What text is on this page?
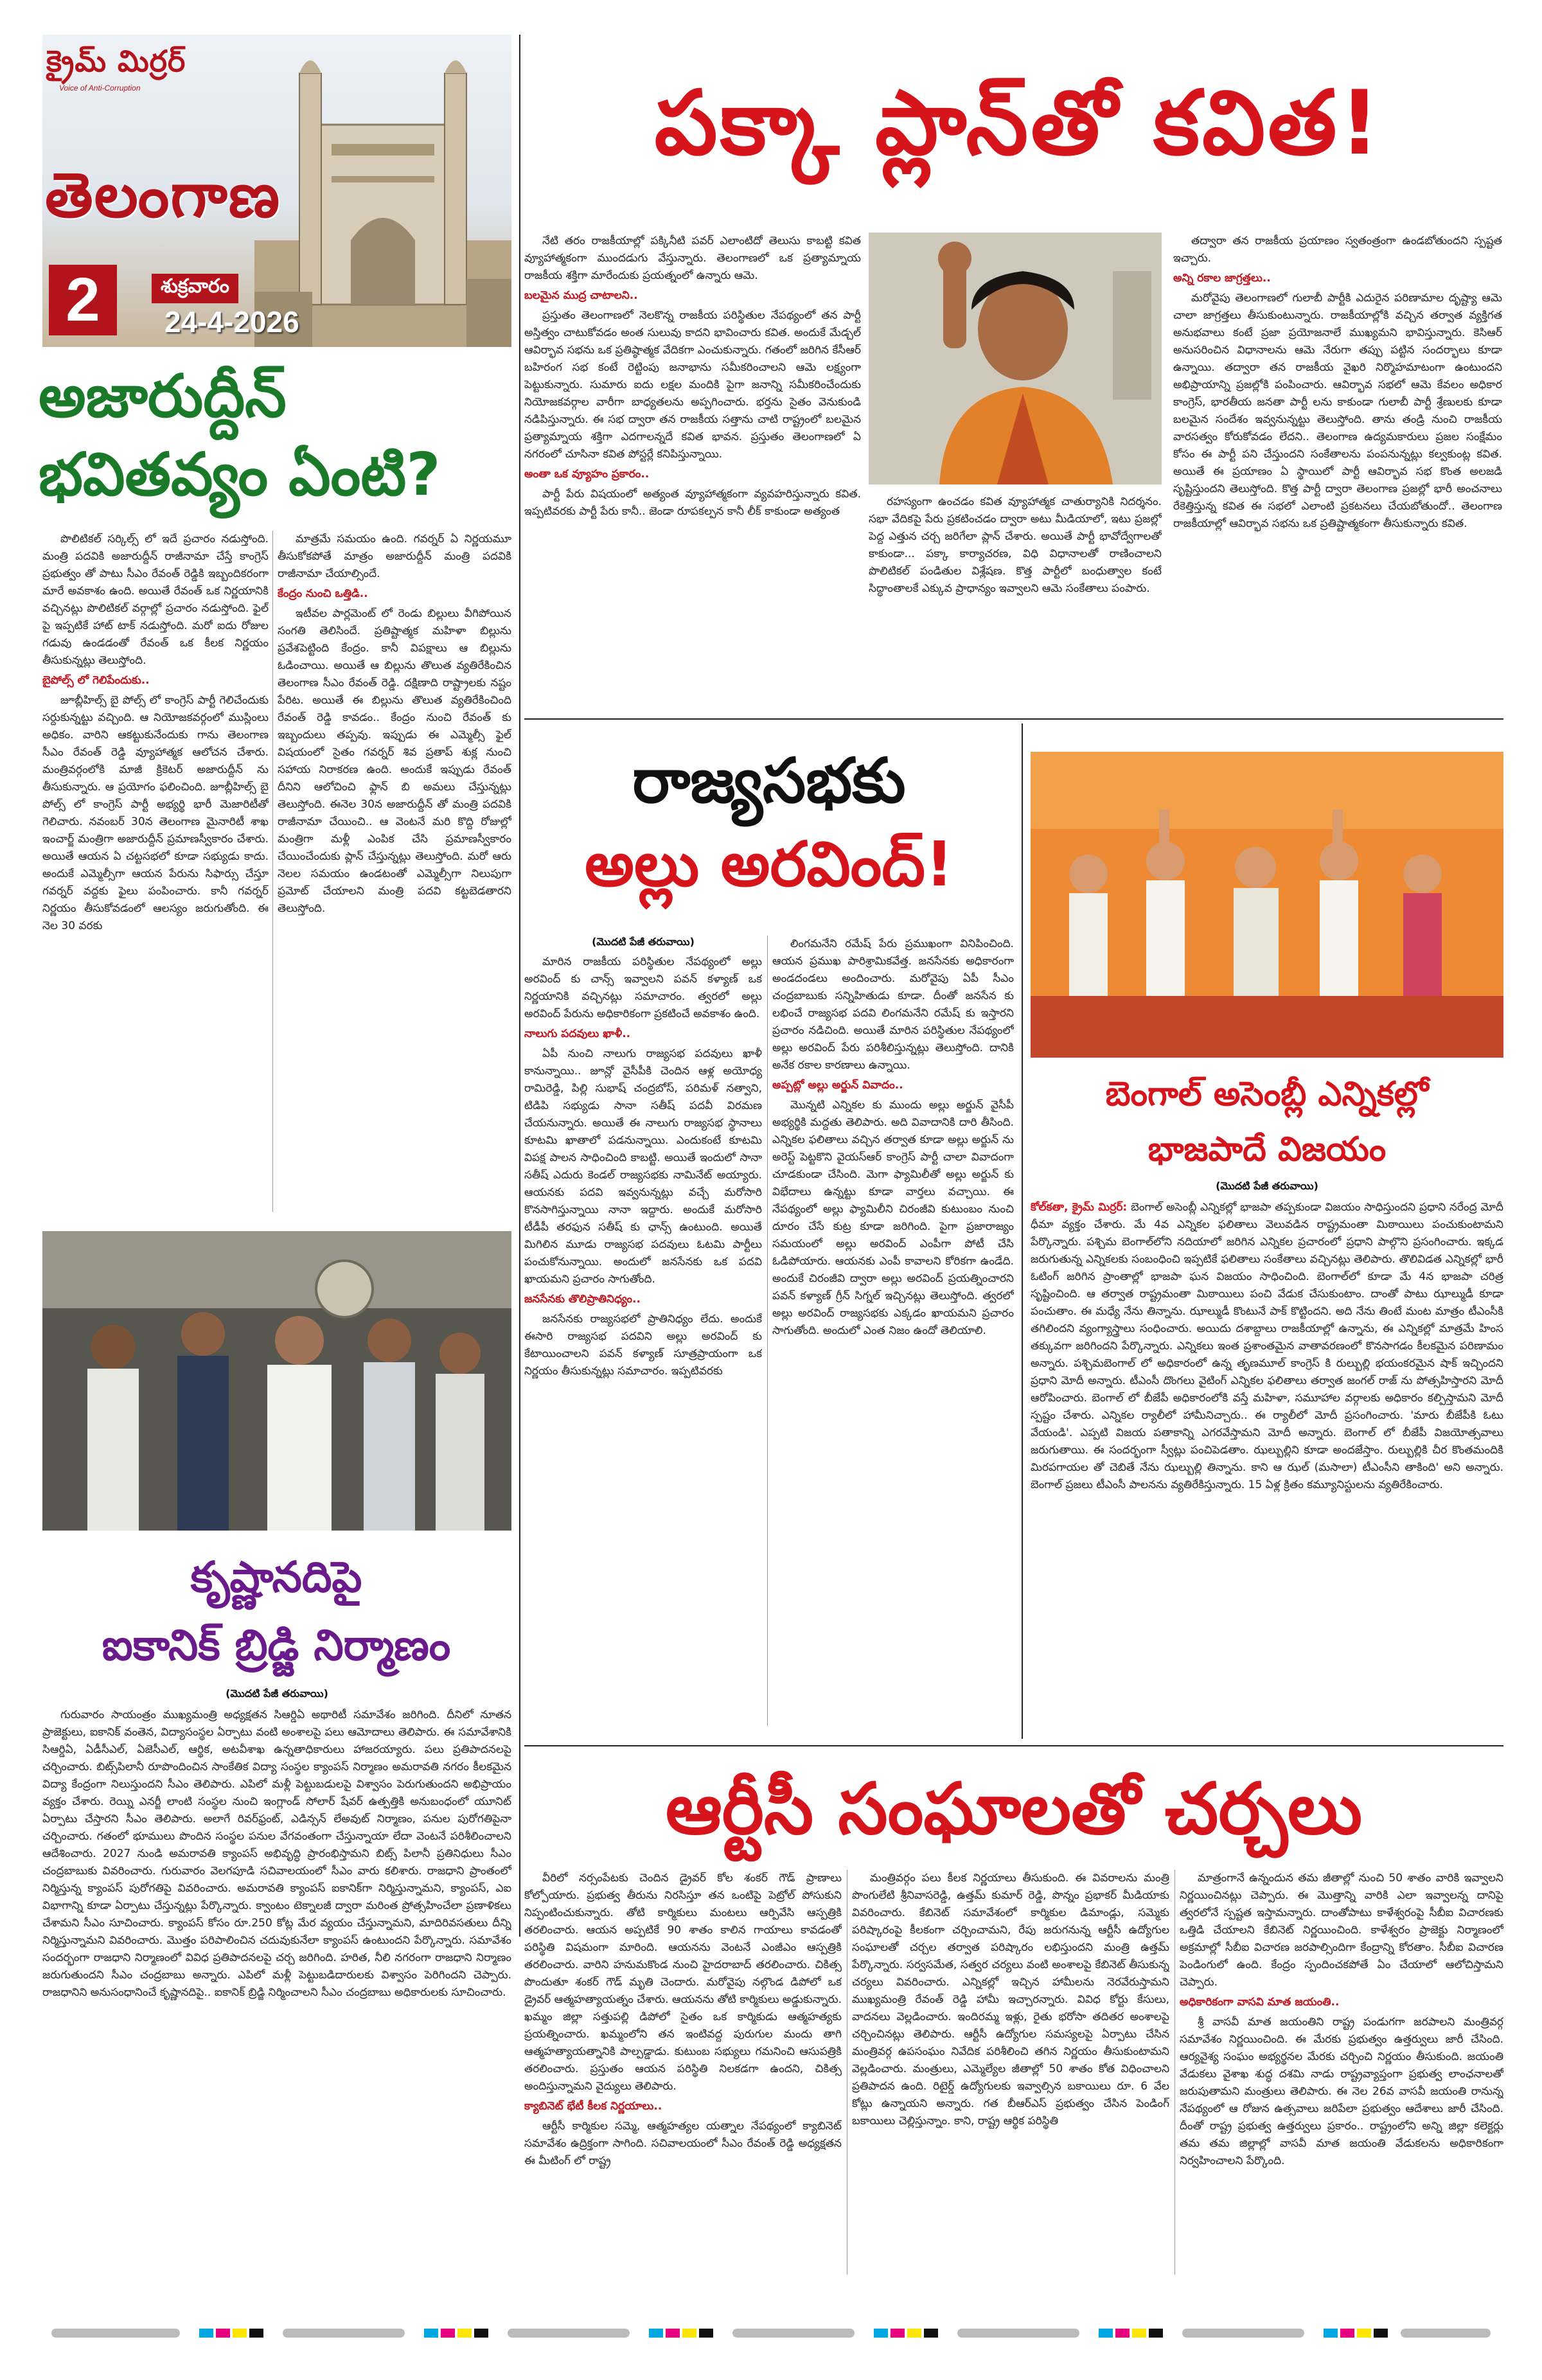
క్రైమ్ మిర్రర్
Voice of Anti-Corruption
తెలంగాణ
2	శుక్రవారం
24-4-2026
పక్కా ప్లాన్‌తో కవిత!

నేటి తరం రాజకీయాల్లో పక్కినీటి పవర్ ఎలాంటిదో తెలుసు కాబట్టి కవిత వ్యూహాత్మకంగా ముందడుగు వేస్తున్నారు. తెలంగాణలో ఒక ప్రత్యామ్నాయ రాజకీయ శక్తిగా మారేందుకు ప్రయత్నంలో ఉన్నారు ఆమె.

బలమైన ముద్ర చాటాలని..

ప్రస్తుతం తెలంగాణలో నెలకొన్న రాజకీయ పరిస్థితుల నేపథ్యంలో తన పార్టీ అస్తిత్వం చాటుకోవడం అంత సులువు కాదని భావించారు కవిత. అందుకే మేడ్చల్ ఆవిర్భావ సభను ఒక ప్రతిష్ఠాత్మక వేదికగా ఎంచుకున్నారు. గతంలో జరిగిన కేసీఆర్ బహిరంగ సభ కంటే రెట్టింపు జనాభాను సమీకరించాలని ఆమె లక్ష్యంగా పెట్టుకున్నారు. సుమారు ఐదు లక్షల మందికి పైగా జనాన్ని సమీకరించేందుకు నియోజకవర్గాల వారీగా బాధ్యతలను అప్పగించారు. భర్తను సైతం వెనుకుండి నడిపిస్తున్నారు. ఈ సభ ద్వారా తన రాజకీయ సత్తాను చాటి రాష్ట్రంలో బలమైన ప్రత్యామ్నాయ శక్తిగా ఎదగాలన్నదే కవిత భావన. ప్రస్తుతం తెలంగాణలో ఏ నగరంలో చూసినా కవిత పోస్టర్లే కనిపిస్తున్నాయి.

అంతా ఒక వ్యూహం ప్రకారం..

పార్టీ పేరు విషయంలో అత్యంత వ్యూహాత్మకంగా వ్యవహరిస్తున్నారు కవిత. ఇప్పటివరకు పార్టీ పేరు కానీ.. జెండా రూపకల్పన కానీ లీక్ కాకుండా అత్యంత

రహస్యంగా ఉంచడం కవిత వ్యూహాత్మక చాతుర్యానికి నిదర్శనం. సభా వేదికపై పేరు ప్రకటించడం ద్వారా అటు మీడియాలో, ఇటు ప్రజల్లో పెద్ద ఎత్తున చర్చ జరిగేలా ప్లాన్ చేశారు. అయితే పార్టీ భావోద్వేగాలతో కాకుండా... పక్కా కార్యాచరణ, విధి విధానాలతో రాణించాలని పొలిటికల్ పండితుల విశ్లేషణ. కొత్త పార్టీలో బంధుత్వాల కంటే సిద్ధాంతాలకే ఎక్కువ ప్రాధాన్యం ఇవ్వాలని ఆమె సంకేతాలు పంపారు.

తద్వారా తన రాజకీయ ప్రయాణం స్వతంత్రంగా ఉండబోతుందని స్పష్టత ఇచ్చారు.

అన్ని రకాల జాగ్రత్తలు..

మరోవైపు తెలంగాణలో గులాబీ పార్టీకి ఎదురైన పరిణామాల దృష్ట్యా ఆమె చాలా జాగ్రత్తలు తీసుకుంటున్నారు. రాజకీయాల్లోకి వచ్చిన తర్వాత వ్యక్తిగత అనుభవాలు కంటే ప్రజా ప్రయోజనాలే ముఖ్యమని భావిస్తున్నారు. కెసిఆర్ అనుసరించిన విధానాలను ఆమె నేరుగా తప్పు పట్టిన సందర్భాలు కూడా ఉన్నాయి. తద్వారా తన రాజకీయ వైఖరి నిర్మొహమాటంగా ఉంటుందని అభిప్రాయాన్ని ప్రజల్లోకి పంపించారు. ఆవిర్భావ సభలో ఆమె కేవలం అధికార కాంగ్రెస్, భారతీయ జనతా పార్టీ లను కాకుండా గులాబీ పార్టీ శ్రేణులకు కూడా బలమైన సందేశం ఇవ్వనున్నట్టు తెలుస్తోంది. తాను తండ్రి నుంచి రాజకీయ వారసత్వం కోరుకోవడం లేదని.. తెలంగాణ ఉద్యమకారులు ప్రజల సంక్షేమం కోసం ఈ పార్టీ పని చేస్తుందని సంకేతాలను పంపనున్నట్లు కల్వకుంట్ల కవిత. అయితే ఈ ప్రయాణం ఏ స్థాయిలో పార్టీ ఆవిర్భావ సభ కొంత అలజడి సృష్టిస్తుందని తెలుస్తోంది. కొత్త పార్టీ ద్వారా తెలంగాణ ప్రజల్లో భారీ అంచనాలు రేకెత్తిస్తున్న కవిత ఈ సభలో ఎలాంటి ప్రకటనలు చేయబోతుందో.. తెలంగాణ రాజకీయాల్లో ఆవిర్భావ సభను ఒక ప్రతిష్టాత్మకంగా తీసుకున్నారు కవిత.

అజారుద్దీన్
భవితవ్యం ఏంటి?

పొలిటికల్ సర్కిల్స్ లో ఇదే ప్రచారం నడుస్తోంది. మంత్రి పదవికి అజారుద్దీన్ రాజీనామా చేస్తే కాంగ్రెస్ ప్రభుత్వం తో పాటు సీఎం రేవంత్ రెడ్డికి ఇబ్బందికరంగా మారే అవకాశం ఉంది. అయితే రేవంత్ ఒక నిర్ణయానికి వచ్చినట్లు పొలిటికల్ వర్గాల్లో ప్రచారం నడుస్తోంది. ఫైల్ పై ఇప్పటికే హాట్ టాక్ నడుస్తోంది. మరో ఐదు రోజుల గడువు ఉండడంతో రేవంత్ ఒక కీలక నిర్ణయం తీసుకున్నట్లు తెలుస్తోంది.

బైపోల్స్ లో గెలిపేందుకు..

జూబ్లీహిల్స్ బై పోల్స్ లో కాంగ్రెస్ పార్టీ గెలిచేందుకు సర్దుకున్నట్టు వచ్చింది. ఆ నియోజకవర్గంలో ముస్లింలు అధికం. వారిని ఆకట్టుకునేందుకు గాను తెలంగాణ సీఎం రేవంత్ రెడ్డి వ్యూహాత్మక ఆలోచన చేశారు. మంత్రివర్గంలోకి మాజీ క్రికెటర్ అజారుద్దీన్ ను తీసుకున్నారు. ఆ ప్రయోగం ఫలించింది. జూబ్లీహిల్స్ బై పోల్స్ లో కాంగ్రెస్ పార్టీ అభ్యర్థి భారీ మెజారిటీతో గెలిచారు. నవంబర్ 30న తెలంగాణ మైనారిటీ శాఖ ఇంచార్జ్ మంత్రిగా అజారుద్దీన్ ప్రమాణస్వీకారం చేశారు. అయితే ఆయన ఏ చట్టసభలో కూడా సభ్యుడు కాదు. అందుకే ఎమ్మెల్సీగా ఆయన పేరును సిఫార్సు చేస్తూ గవర్నర్ వద్దకు ఫైలు పంపించారు. కానీ గవర్నర్ నిర్ణయం తీసుకోవడంలో ఆలస్యం జరుగుతోంది. ఈ నెల 30 వరకు

మాత్రమే సమయం ఉంది. గవర్నర్ ఏ నిర్ణయమూ తీసుకోకపోతే మాత్రం అజారుద్దీన్ మంత్రి పదవికి రాజీనామా చేయాల్సిందే.

కేంద్రం నుంచి ఒత్తిడి..

ఇటీవల పార్లమెంట్ లో రెండు బిల్లులు వీగిపోయిన సంగతి తెలిసిందే. ప్రతిష్టాత్మక మహిళా బిల్లును ప్రవేశపెట్టింది కేంద్రం. కానీ విపక్షాలు ఆ బిల్లును ఓడించాయి. అయితే ఆ బిల్లును తొలుత వ్యతిరేకించిన తెలంగాణ సీఎం రేవంత్ రెడ్డి. దక్షిణాది రాష్ట్రాలకు నష్టం పేరిట. అయితే ఈ బిల్లును తొలుత వ్యతిరేకించింది రేవంత్ రెడ్డి కావడం.. కేంద్రం నుంచి రేవంత్ కు ఇబ్బందులు తప్పవు. ఇప్పుడు ఈ ఎమ్మెల్సీ ఫైల్ విషయంలో సైతం గవర్నర్ శివ ప్రతాప్ శుక్ల నుంచి సహాయ నిరాకరణ ఉంది. అందుకే ఇప్పుడు రేవంత్ దీనిని ఆలోచించి ఫ్లాన్ బి అమలు చేస్తున్నట్లు తెలుస్తోంది. ఈనెల 30న అజారుద్దీన్ తో మంత్రి పదవికి రాజీనామా చేయించి.. ఆ వెంటనే మరి కొద్ది రోజుల్లో మంత్రిగా మళ్లీ ఎంపిక చేసి ప్రమాణస్వీకారం చేయించేందుకు ప్లాన్ చేస్తున్నట్లు తెలుస్తోంది. మరో ఆరు నెలల సమయం ఉండటంతో ఎమ్మెల్సీగా నిలుపుగా ప్రమోట్ చేయాలని మంత్రి పదవి కట్టబెడతారని తెలుస్తోంది.

కృష్ణానదిపై
ఐకానిక్ బ్రిడ్జి నిర్మాణం
(మొదటి పేజీ తరువాయి)

గురువారం సాయంత్రం ముఖ్యమంత్రి అధ్యక్షతన సిఆర్డిఏ అథారిటీ సమావేశం జరిగింది. దీనిలో నూతన ప్రాజెక్టులు, ఐకానిక్ వంతెన, విద్యాసంస్థల ఏర్పాటు వంటి అంశాలపై పలు ఆమోదాలు తెలిపారు. ఈ సమావేశానికి సిఆర్డిఏ, ఏడీసీఎల్, ఏజెసీఎల్, ఆర్థిక, అటవీశాఖ ఉన్నతాధికారులు హాజరయ్యారు. పలు ప్రతిపాదనలపై చర్చించారు. బిట్స్‌పిలానీ రూపొందించిన సాంకేతిక విద్యా సంస్థల క్యాంపస్‌ నిర్మాణం అమరావతి నగరం కీలకమైన విద్యా కేంద్రంగా నిలుస్తుందని సీఎం తెలిపారు. ఎపిలో మళ్లీ పెట్టుబడులపై విశ్వాసం పెరుగుతుందని అభిప్రాయం వ్యక్తం చేశారు. రెయ్ని ఎనర్జీ లాంటి సంస్థల నుంచి ఇంగ్లాండ్ సోలార్ షేవర్ ఉత్పత్తికి అనుబంధంలో యూనిట్ ఏర్పాటు చేస్తారని సీఎం తెలిపారు. అలాగే రివర్‌ఫ్రంట్, ఎడిన్సన్ లేఅవుట్ నిర్మాణం, పనుల పురోగతిపైనా చర్చించారు. గతంలో భూములు పొందిన సంస్థల పనుల వేగవంతంగా చేస్తున్నాయా లేదా వెంటనే పరిశీలించాలని ఆదేశించారు. 2027 నుండి అమరావతి క్యాంపస్ అభివృద్ధి ప్రారంభిస్తామని బిట్స్ పిలానీ ప్రతినిధులు సీఎం చంద్రబాబుకు వివరించారు. గురువారం వెలగపూడి సచివాలయంలో సీఎం వారు కలిశారు. రాజధాని ప్రాంతంలో నిర్మిస్తున్న క్యాంపస్ పురోగతిపై వివరించారు. అమరావతి క్యాంపస్ ఐకానిక్‌గా నిర్మిస్తున్నామని, క్యాంపస్, ఎఐ విభాగాన్ని కూడా ఏర్పాటు చేస్తున్నట్లు పేర్కొన్నారు. క్వాంటం టెక్నాలజీ ద్వారా మరింత ప్రోత్సహించేలా ప్రణాళికలు చేశామని సీఎం సూచించారు. క్యాంపస్ కోసం రూ.250 కోట్ల మేర వ్యయం చేస్తున్నామని, మాదిరివసతులు దీన్ని నిర్మిస్తున్నామని వివరించారు. మొత్తం పరిపాలించిన చదువుకునేలా క్యాంపస్ ఉంటుందని పేర్కొన్నారు. సమావేశం సందర్భంగా రాజధాని నిర్మాణంలో వివిధ ప్రతిపాదనలపై చర్చ జరిగింది. హరిత, నీలి నగరంగా రాజధాని నిర్మాణం జరుగుతుందని సీఎం చంద్రబాబు అన్నారు. ఎపిలో మళ్లీ పెట్టుబడిదారులకు విశ్వాసం పెరిగిందని చెప్పారు. రాజధానిని అనుసంధానించే కృష్ణానదిపై.. ఐకానిక్ బ్రిడ్జి నిర్మించాలని సీఎం చంద్రబాబు అధికారులకు సూచించారు.

రాజ్యసభకు
అల్లు అరవింద్!
(మొదటి పేజీ తరువాయి)

మారిన రాజకీయ పరిస్థితుల నేపథ్యంలో అల్లు అరవింద్ కు చాన్స్ ఇవ్వాలని పవన్ కళ్యాణ్ ఒక నిర్ణయానికి వచ్చినట్లు సమాచారం. త్వరలో అల్లు అరవింద్ పేరును అధికారికంగా ప్రకటించే అవకాశం ఉంది.

నాలుగు పదవులు ఖాళీ..

ఏపీ నుంచి నాలుగు రాజ్యసభ పదవులు ఖాళీ కానున్నాయి.. జూన్లో వైసీపీకి చెందిన ఆళ్ల అయోధ్య రామిరెడ్డి, పిల్లి సుభాష్ చంద్రబోస్, పరిమళ్ నత్వాని, టిడిపి సభ్యుడు సానా సతీష్ పదవీ విరమణ చేయనున్నారు. అయితే ఈ నాలుగు రాజ్యసభ స్థానాలు కూటమి ఖాతాలో పడనున్నాయి. ఎందుకంటే కూటమి విపక్ష పాలన సాధించింది కాబట్టి. అయితే ఇందులో సానా సతీష్ ఎదురు కెండల్ రాజ్యసభకు నామినేట్ అయ్యారు. ఆయనకు పదవి ఇవ్వనున్నట్లు వచ్చే మరోసారి కొనసాగిస్తున్నాయి నానా ఇద్దారు. అందుకే మరోసారి టీడీపీ తరఫున సతీష్ కు ఛాన్స్ ఉంటుంది. అయితే మిగిలిన మూడు రాజ్యసభ పదవులు ఓటమి పార్టీలు పంచుకోనున్నాయి. అందులో జనసేనకు ఒక పదవి ఖాయమని ప్రచారం సాగుతోంది.

జనసేనకు తొలిప్రాతినిధ్యం..

జనసేనకు రాజ్యసభలో ప్రాతినిధ్యం లేదు. అందుకే ఈసారి రాజ్యసభ పదవిని అల్లు అరవింద్ కు కేటాయించాలని పవన్ కళ్యాణ్ సూత్రప్రాయంగా ఒక నిర్ణయం తీసుకున్నట్లు సమాచారం. ఇప్పటివరకు

లింగమనేని రమేష్ పేరు ప్రముఖంగా వినిపించింది. ఆయన ప్రముఖ పారిశ్రామికవేత్త. జనసేనకు అధికారంగా అండదండలు అందించారు. మరోవైపు ఏపీ సీఎం చంద్రబాబుకు సన్నిహితుడు కూడా. దీంతో జనసేన కు లభించే రాజ్యసభ పదవి లింగమనేని రమేష్ కు ఇస్తారని ప్రచారం నడిచింది. అయితే మారిన పరిస్థితుల నేపథ్యంలో అల్లు అరవింద్ పేరు పరిశీలిస్తున్నట్లు తెలుస్తోంది. దానికి అనేక రకాల కారణాలు ఉన్నాయి.

అప్పట్లో అల్లు అర్జున్ వివాదం..

మొన్నటి ఎన్నికల కు ముందు అల్లు అర్జున్ వైసీపీ అభ్యర్థికి మద్దతు తెలిపారు. అది వివాదానికి దారి తీసింది. ఎన్నికల ఫలితాలు వచ్చిన తర్వాత కూడా అల్లు అర్జున్ ను అరెస్ట్ పెట్టకొని వైయస్ఆర్ కాంగ్రెస్ పార్టీ చాలా వివాదంగా చూడకుండా చేసింది. మెగా ఫ్యామిలీతో అల్లు అర్జున్ కు విభేదాలు ఉన్నట్టు కూడా వార్తలు వచ్చాయి. ఈ నేపథ్యంలో అల్లు ఫ్యామిలీని చిరంజీవి కుటుంబం నుంచి దూరం చేసే కుట్ర కూడా జరిగింది. పైగా ప్రజారాజ్యం సమయంలో అల్లు అరవింద్ ఎంపీగా పోటీ చేసి ఓడిపోయారు. ఆయనకు ఎంపీ కావాలని కోరికగా ఉండేది. అందుకే చిరంజీవి ద్వారా అల్లు అరవింద్ ప్రయత్నించారని పవన్ కళ్యాణ్ గ్రీన్ సిగ్నల్ ఇచ్చినట్లు తెలుస్తోంది. త్వరలో అల్లు అరవింద్ రాజ్యసభకు ఎక్కడం ఖాయమని ప్రచారం సాగుతోంది. అందులో ఎంత నిజం ఉందో తెలియాలి.

బెంగాల్ అసెంబ్లీ ఎన్నికల్లో
భాజపాదే విజయం
(మొదటి పేజీ తరువాయి)

కోల్‌కతా, క్రైమ్ మిర్రర్: బెంగాల్ అసెంబ్లీ ఎన్నికల్లో భాజపా తప్పకుండా విజయం సాధిస్తుందని ప్రధాని నరేంద్ర మోదీ ధీమా వ్యక్తం చేశారు. మే 4వ ఎన్నికల ఫలితాలు వెలువడిన రాష్ట్రమంతా మిఠాయిలు పంచుకుంటామని పేర్కొన్నారు. పశ్చిమ బెంగాల్‌లోని నదియాలో జరిగిన ఎన్నికల ప్రచారంలో ప్రధాని పాల్గొని ప్రసంగించారు. ఇక్కడ జరుగుతున్న ఎన్నికలకు సంబంధించి ఇప్పటికే ఫలితాలు సంకేతాలు వచ్చినట్లు తెలిపారు. తొలివిడత ఎన్నికల్లో భారీ ఓటింగ్ జరిగిన ప్రాంతాల్లో భాజపా ఘన విజయం సాధించింది. బెంగాల్‌లో కూడా మే 4న భాజపా చరిత్ర సృష్టించింది. ఆ తర్వాత రాష్ట్రమంతా మిఠాయిలు పంచి వేడుక చేసుకుంటాం. దాంతో పాటు ఝాల్ముడీ కూడా పంచుతాం. ఈ మధ్యే నేను తిన్నాను. ఝాల్ముడీ కొంటునే పాక్ కొట్టిందని. అది నేను తింటే మంట మాత్రం టీఎంసీకి తగిలిందని వ్యంగ్యాస్త్రాలు సంధించారు. అయిదు దశాబ్దాలు రాజకీయాల్లో ఉన్నాను, ఈ ఎన్నికల్లో మాత్రమే హింస తక్కువగా జరిగిందని పేర్కొన్నారు. ఎన్నికలు ఇంత ప్రశాంతమైన వాతావరణంలో కొనసాగడం కీలకమైన పరిణామం అన్నారు. పశ్చిమబెంగాల్ లో అధికారంలో ఉన్న తృణమూల్ కాంగ్రెస్ కి రుల్బుల్లి భయంకరమైన షాక్ ఇచ్చిందని ప్రధాని మోదీ అన్నారు. టీఎంసీ దొంగలు వైటింగ్ ఎన్నికల ఫలితాలు తర్వాత జంగల్ రాజ్ ను పోత్సహిస్తారని మోదీ ఆరోపించారు. బెంగాల్ లో బీజేపీ అధికారంలోకి వస్తే మహిళా, సమూహాల వర్గాలకు అధికారం కల్పిస్తామని మోదీ స్పష్టం చేశారు. ఎన్నికల ర్యాలీలో హామీనిచ్చారు.. ఈ ర్యాలీలో మోదీ ప్రసంగించారు. 'మారు బీజేపీకి ఓటు వేయండి'. ఎప్పటి విజయ పతాకాన్ని ఎగరవేస్తామని మోదీ అన్నారు. బెంగాల్ లో బీజేపీ విజయోత్సవాలు జరుగుతాయి. ఈ సందర్భంగా స్వీట్లు పంచిపెడతాం. ఝల్బుల్లిని కూడా అందజేస్తాం. రుల్బుల్లికి చీర కొంతమందికి మిరపగాయల తో చెబితే నేను ఝల్బుల్లి తిన్నాను. కాని ఆ ఝల్ (మసాలా) టీఎంసీని తాకింది' అని అన్నారు. బెంగాల్ ప్రజలు టీఎంసీ పాలనను వ్యతిరేకిస్తున్నారు. 15 ఏళ్ల క్రితం కమ్యూనిస్టులను వ్యతిరేకించారు.

ఆర్టీసీ సంఘాలతో చర్చలు

వీరిలో నర్సంపేటకు చెందిన డ్రైవర్ కోల శంకర్ గౌడ్ ప్రాణాలు కోల్పోయారు. ప్రభుత్వ తీరును నిరసిస్తూ తన ఒంటిపై పెట్రోల్ పోసుకుని నిప్పంటించుకున్నారు. తోటి కార్మికులు మంటలు ఆర్పివేసి ఆస్పత్రికి తరలించారు. ఆయన అప్పటికే 90 శాతం కాలిన గాయాలు కావడంతో పరిస్థితి విషమంగా మారింది. ఆయనను వెంటనే ఎంజీఎం ఆస్పత్రికి తరలించారు. వారిని హనుమకొండ నుంచి హైదరాబాద్ తరలించారు. చికిత్స పొందుతూ శంకర్ గౌడ్ మృతి చెందారు. మరోవైపు నల్గొండ డిపోలో ఒక డ్రైవర్ ఆత్మహత్యాయత్నం చేశారు. ఆయనను తోటి కార్మికులు అడ్డుకున్నారు. ఖమ్మం జిల్లా సత్తుపల్లి డిపోలో సైతం ఒక కార్మికుడు ఆత్మహత్యకు ప్రయత్నించారు. ఖమ్మంలోని తన ఇంటివద్ద పురుగుల మందు తాగి ఆత్మహత్యాయత్నానికి పాల్పడ్డాడు. కుటుంబ సభ్యులు గమనించి ఆసుపత్రికి తరలించారు. ప్రస్తుతం ఆయన పరిస్థితి నిలకడగా ఉందని, చికిత్స అందిస్తున్నామని వైద్యులు తెలిపారు.

క్యాబినెట్ భేటీ కీలక నిర్ణయాలు..

ఆర్టీసీ కార్మికుల సమ్మె, ఆత్మహత్యల యత్నాల నేపథ్యంలో క్యాబినెట్ సమావేశం ఉద్రిక్తంగా సాగింది. సచివాలయంలో సీఎం రేవంత్ రెడ్డి అధ్యక్షతన ఈ మీటింగ్ లో రాష్ట్ర

మంత్రివర్గం పలు కీలక నిర్ణయాలు తీసుకుంది. ఈ వివరాలను మంత్రి పొంగులేటి శ్రీనివాసరెడ్డి, ఉత్తమ్ కుమార్ రెడ్డి, పొన్నం ప్రభాకర్ మీడియాకు వివరించారు. కేబినెట్ సమావేశంలో కార్మికుల డిమాండ్లు, సమ్మెకు పరిష్కారంపై కీలకంగా చర్చించామని, రేపు జరుగనున్న ఆర్టీసీ ఉద్యోగుల సంఘాలతో చర్చల తర్వాత పరిష్కారం లభిస్తుందని మంత్రి ఉత్తమ్ పేర్కొన్నారు. సర్వసమేత, సత్వర చర్యలు వంటి అంశాలపై కేబినెట్ తీసుకున్న చర్యలు వివరించారు. ఎన్నికల్లో ఇచ్చిన హామీలను నెరవేరుస్తామని ముఖ్యమంత్రి రేవంత్ రెడ్డి హామీ ఇచ్చారన్నారు. వివిధ కోర్టు కేసులు, వాదనలు వెల్లడించారు. ఇందిరమ్మ ఇళ్లు, రైతు భరోసా తదితర అంశాలపై చర్చించినట్లు తెలిపారు. ఆర్టీసీ ఉద్యోగుల సమస్యలపై ఏర్పాటు చేసిన మంత్రివర్గ ఉపసంఘం నివేదిక పరిశీలించి తగిన నిర్ణయం తీసుకుంటామని వెల్లడించారు. మంత్రులు, ఎమ్మెల్యేల జీతాల్లో 50 శాతం కోత విధించాలని ప్రతిపాదన ఉంది. రిటైర్డ్ ఉద్యోగులకు ఇవ్వాల్సిన బకాయిలు రూ. 6 వేల కోట్లు ఉన్నాయని అన్నారు. గత బీఆర్ఎస్ ప్రభుత్వం చేసిన పెండింగ్ బకాయిలు చెల్లిస్తున్నాం. కాని, రాష్ట్ర ఆర్థిక పరిస్థితి

మాత్రంగానే ఉన్నందున తమ జీతాల్లో నుంచి 50 శాతం వారికి ఇవ్వాలని నిర్ణయించినట్లు చెప్పారు. ఈ మొత్తాన్ని వారికి ఎలా ఇవ్వాలన్న దానిపై త్వరలోనే స్పష్టత ఇస్తామన్నారు. దాంతోపాటు కాళేశ్వరంపై సీబీఐ విచారణకు ఒత్తిడి చేయాలని కేబినెట్ నిర్ణయించింది. కాళేశ్వరం ప్రాజెక్టు నిర్మాణంలో అక్రమాల్లో సీబీఐ విచారణ జరపాల్సిందిగా కేంద్రాన్ని కోరతాం. సీబీఐ విచారణ పెండింగులో ఉంది. కేంద్రం స్పందించకపోతే ఏం చేయాలో ఆలోచిస్తామని చెప్పారు.

అధికారికంగా వాసవి మాత జయంతి..

శ్రీ వాసవీ మాత జయంతిని రాష్ట్ర పండుగగా జరపాలని మంత్రివర్గ సమావేశం నిర్ణయించింది. ఈ మేరకు ప్రభుత్వం ఉత్తర్వులు జారీ చేసింది. ఆర్యవైశ్య సంఘం అభ్యర్థనల మేరకు చర్చించి నిర్ణయం తీసుకుంది. జయంతి వేడుకలు వైశాఖ శుద్ధ దశమి నాడు రాష్ట్రవ్యాప్తంగా ప్రభుత్వ లాంఛనాలతో జరుపుతామని మంత్రులు తెలిపారు. ఈ నెల 26వ వాసవీ జయంతి రానున్న నేపథ్యంలో ఆ రోజున ఉత్సవాలు జరిపేలా ప్రభుత్వం ఆదేశాలు జారీ చేసింది. దీంతో రాష్ట్ర ప్రభుత్వ ఉత్తర్వులు ప్రకారం.. రాష్ట్రంలోని అన్ని జిల్లా కలెక్టర్లు తమ తమ జిల్లాల్లో వాసవీ మాత జయంతి వేడుకలను అధికారికంగా నిర్వహించాలని పేర్కొంది.
